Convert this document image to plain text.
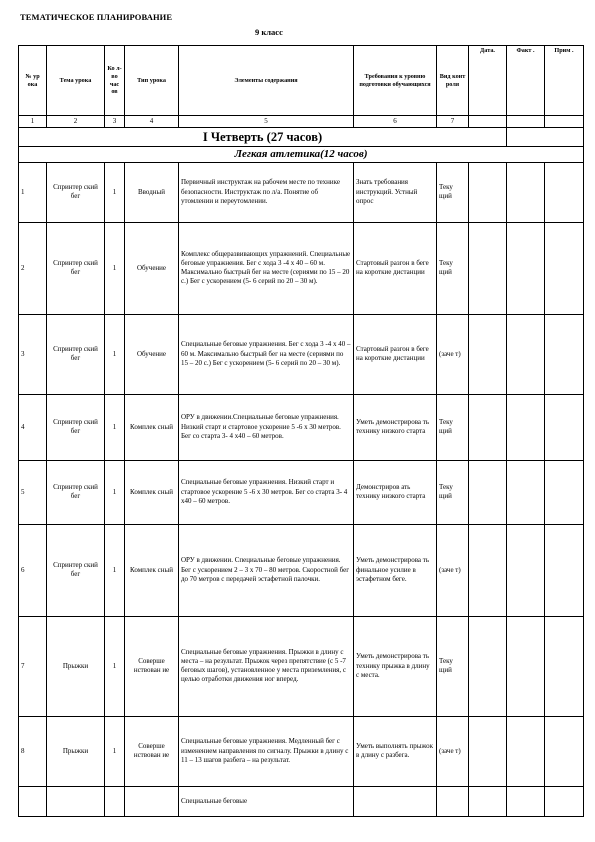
ТЕМАТИЧЕСКОЕ ПЛАНИРОВАНИЕ
9 класс
№ ур ока	Тема урока	Ко л-во час ов	Тип урока	Элементы содержания	Требования к уровню подготовки обучающихся	Вид конт роля	Дата.	Факт .	Прим .
1	2	3	4	5	6	7			
I Четверть (27 часов)									
Легкая атлетика(12 часов)									
1	Спринтер ский бег	1	Вводный	Первичный инструктаж на рабочем месте по технике безопасности. Инструктаж по л/а. Понятие об утомлении и переутомлении.	Знать требования инструкций. Устный опрос	Теку щий			
2	Спринтер ский бег	1	Обучение	Комплекс общеразвивающих упражнений. Специальные беговые упражнения. Бег с хода 3 -4 х 40 – 60 м. Максимально быстрый бег на месте (сериями по 15 – 20 с.) Бег с ускорением (5- 6 серий по 20 – 30 м).	Стартовый разгон в беге на короткие дистанции	Теку щий			
3	Спринтер ский бег	1	Обучение	Специальные беговые упражнения. Бег с хода 3 -4 х 40 – 60 м. Максимально быстрый бег на месте (сериями по 15 – 20 с.) Бег с ускорением (5- 6 серий по 20 – 30 м).	Стартовый разгон в беге на короткие дистанции	(заче т)			
4	Спринтер ский бег	1	Комплек сный	ОРУ в движении.Специальные беговые упражнения. Низкий старт и стартовое ускорение 5 -6 х 30 метров. Бег со старта 3- 4 х40 – 60 метров.	Уметь демонстрирова ть технику низкого старта	Теку щий			
5	Спринтер ский бег	1	Комплек сный	Специальные беговые упражнения. Низкий старт и стартовое ускорение 5 -6 х 30 метров. Бег со старта 3- 4 х40 – 60 метров.	Демонстриров ать технику низкого старта	Теку щий			
6	Спринтер ский бег	1	Комплек сный	ОРУ в движении. Специальные беговые упражнения. Бег с ускорением 2 – 3 х 70 – 80 метров. Скоростной бег до 70 метров с передачей эстафетной палочки.	Уметь демонстрирова ть финальное усилие в эстафетном беге.	(заче т)			
7	Прыжки	1	Соверше нствован ие	Специальные беговые упражнения. Прыжки в длину с места – на результат. Прыжок через препятствие (с 5 -7 беговых шагов), установленное у места приземления, с целью отработки движения ног вперед.	Уметь демонстрирова ть технику прыжка в длину с места.	Теку щий			
8	Прыжки	1	Соверше нствован ие	Специальные беговые упражнения. Медленный бег с изменением направления по сигналу. Прыжки в длину с 11 – 13 шагов разбега – на результат.	Уметь выполнять прыжок в длину с разбега.	(заче т)			
				Специальные беговые					
